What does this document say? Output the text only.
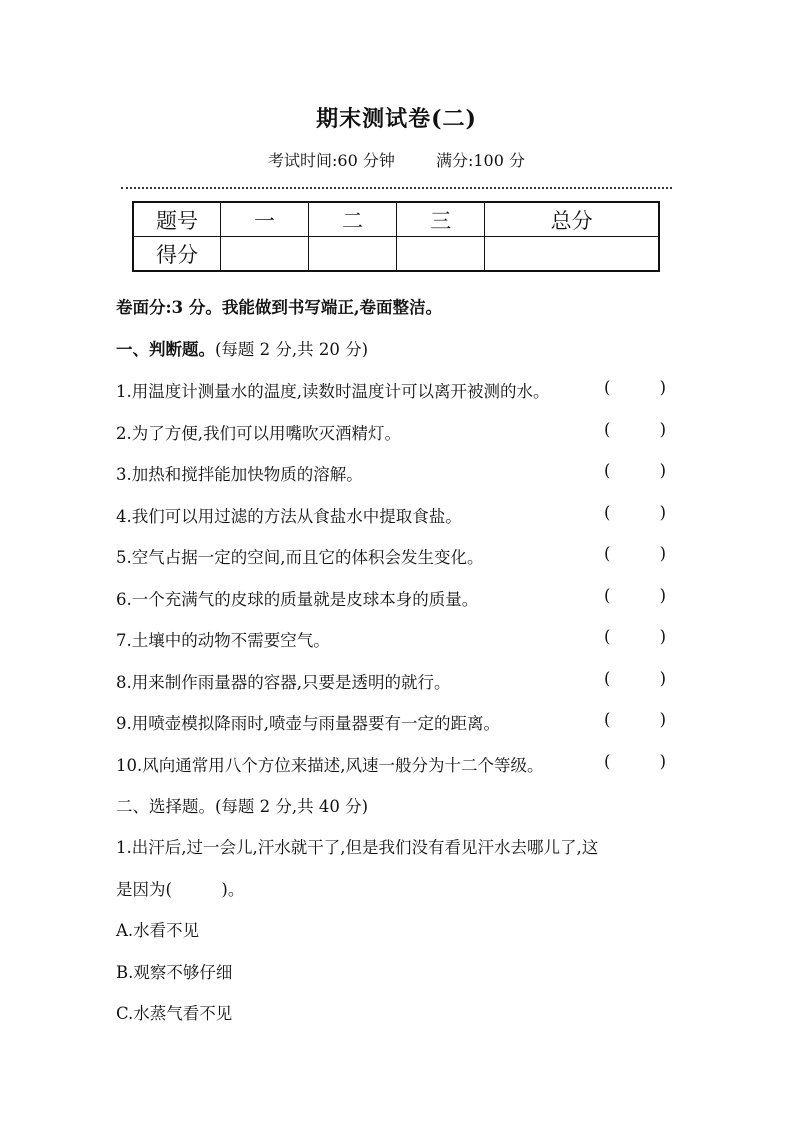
期末测试卷(二)
考试时间:60 分钟	满分:100 分
题号	一	二	三	总分
得分				
卷面分:3 分。我能做到书写端正,卷面整洁。
一、判断题。(每题 2 分,共 20 分)
1.用温度计测量水的温度,读数时温度计可以离开被测的水。	(	)
2.为了方便,我们可以用嘴吹灭酒精灯。	(	)
3.加热和搅拌能加快物质的溶解。	(	)
4.我们可以用过滤的方法从食盐水中提取食盐。	(	)
5.空气占据一定的空间,而且它的体积会发生变化。	(	)
6.一个充满气的皮球的质量就是皮球本身的质量。	(	)
7.土壤中的动物不需要空气。	(	)
8.用来制作雨量器的容器,只要是透明的就行。	(	)
9.用喷壶模拟降雨时,喷壶与雨量器要有一定的距离。	(	)
10.风向通常用八个方位来描述,风速一般分为十二个等级。	(	)
二、选择题。(每题 2 分,共 40 分)
1.出汗后,过一会儿,汗水就干了,但是我们没有看见汗水去哪儿了,这
是因为(　　　)。
A.水看不见
B.观察不够仔细
C.水蒸气看不见
